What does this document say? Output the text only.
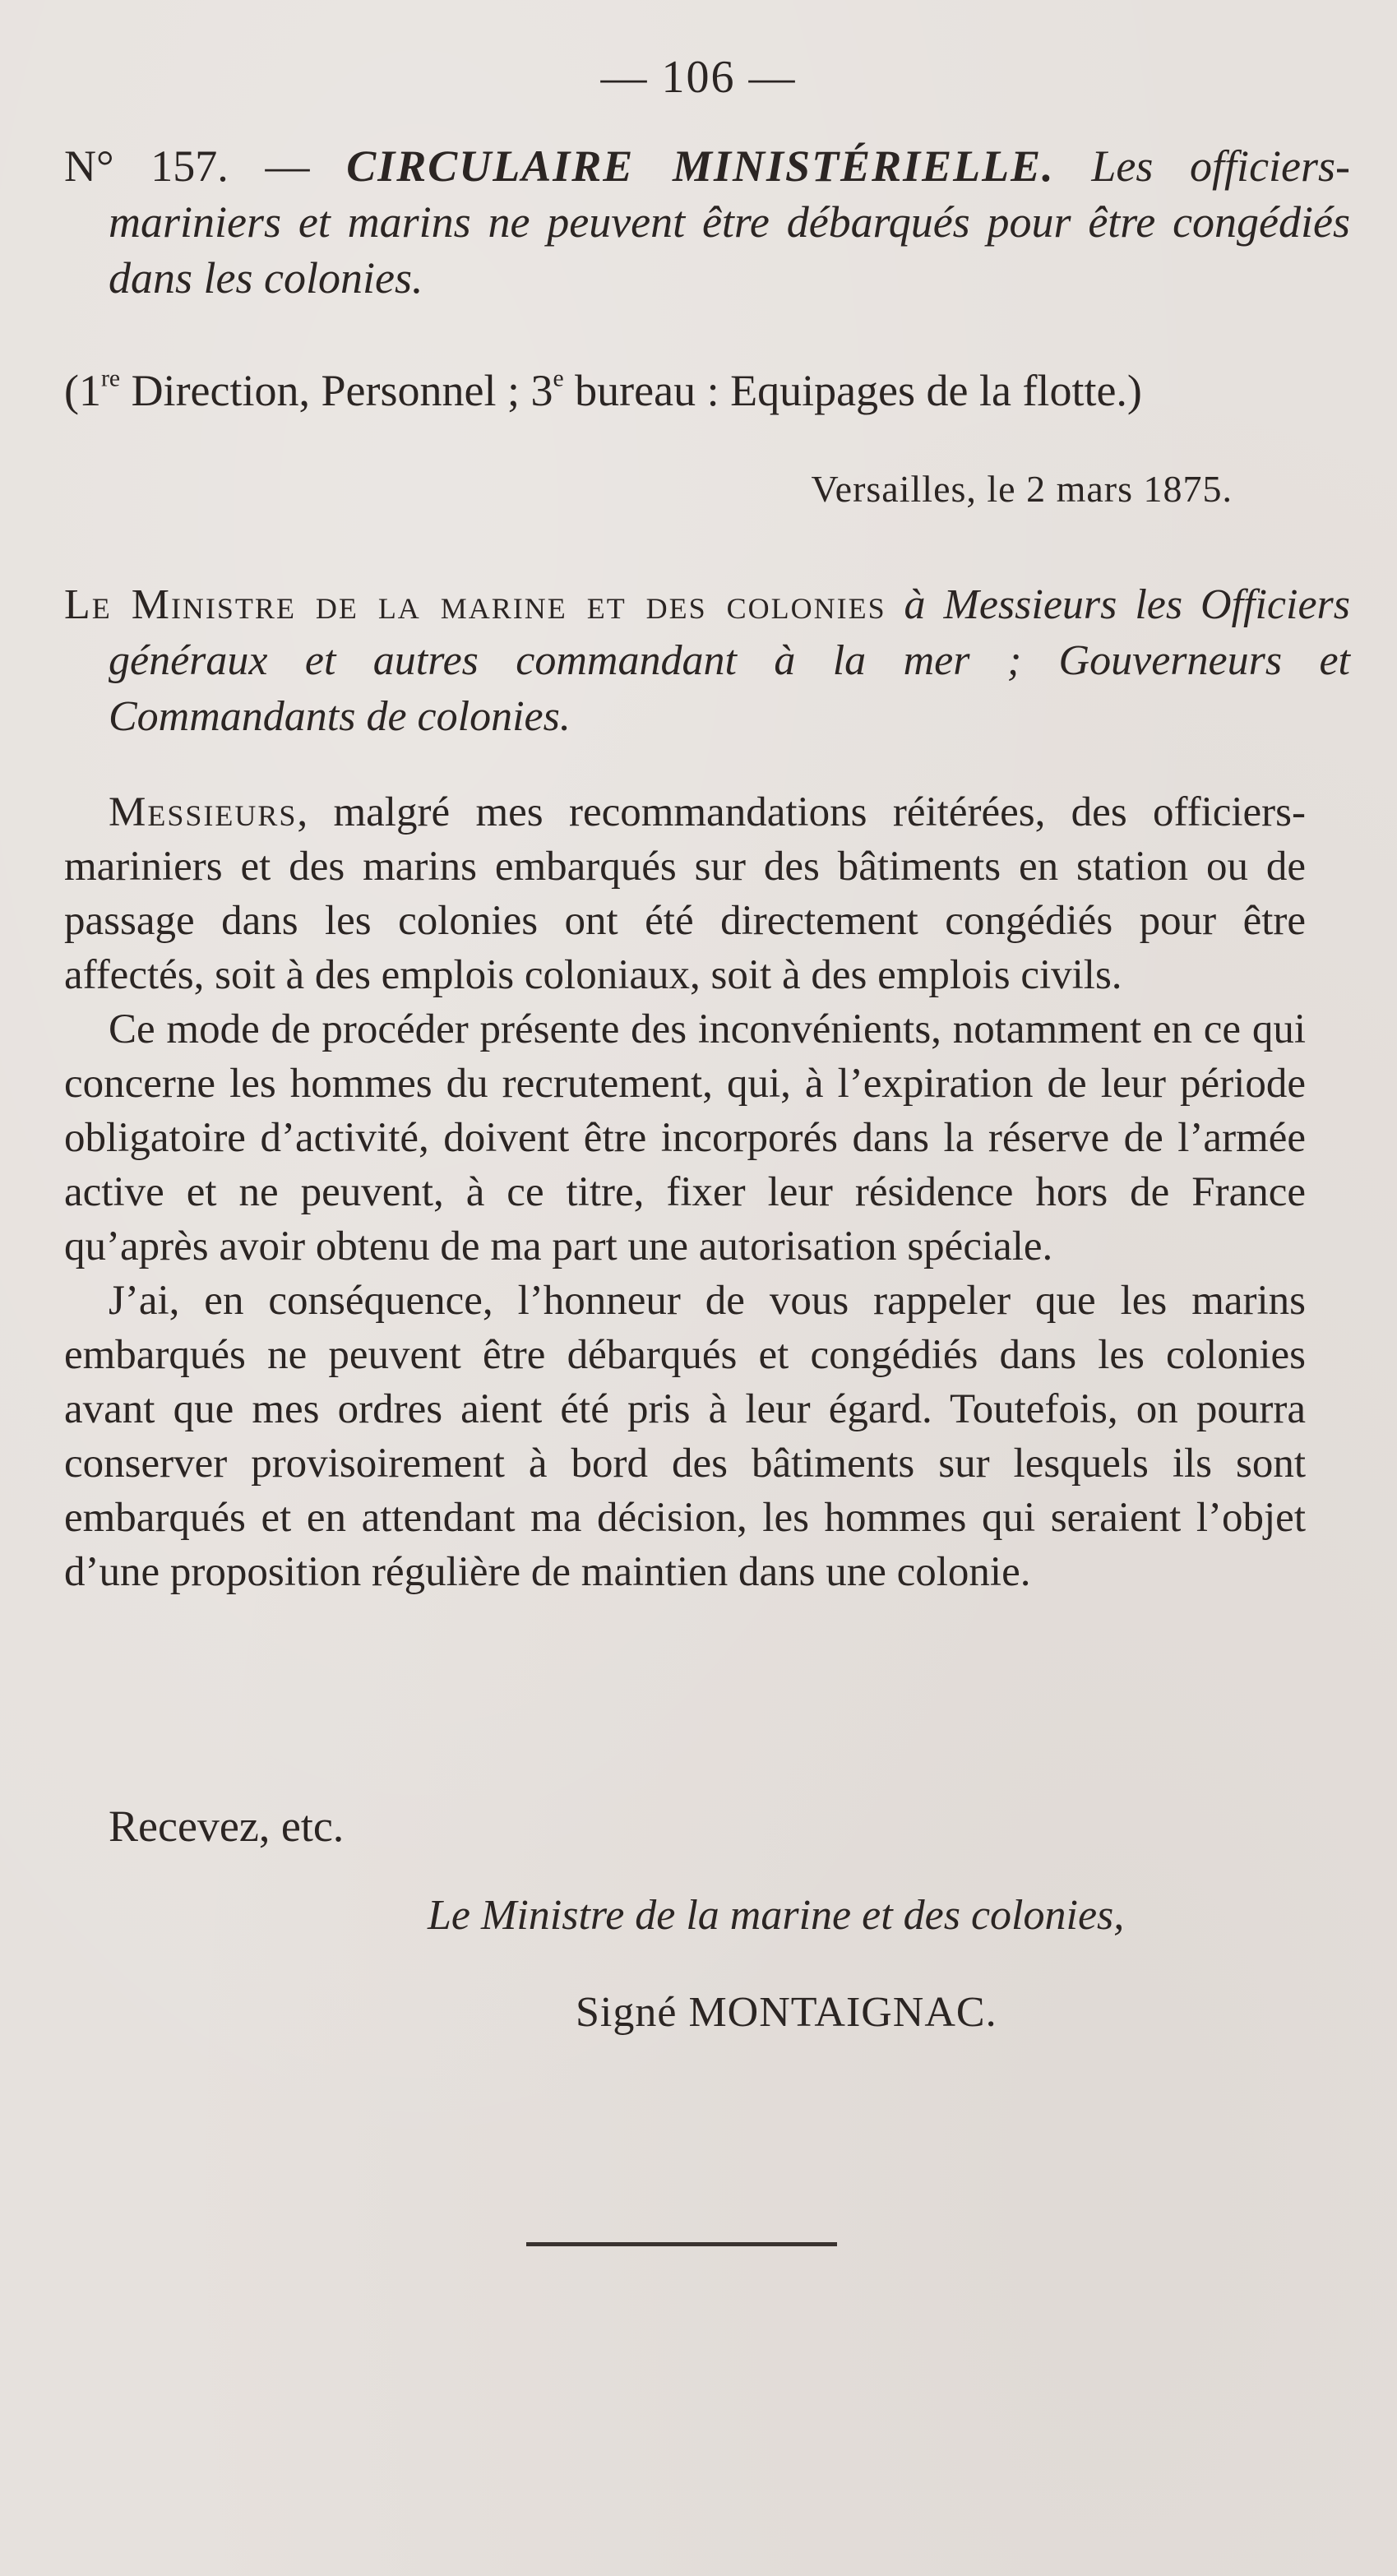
— 106 —
N° 157. — CIRCULAIRE MINISTÉRIELLE. Les officiers-mariniers et marins ne peuvent être débarqués pour être congédiés dans les colonies.
(1re Direction, Personnel ; 3e bureau : Equipages de la flotte.)
Versailles, le 2 mars 1875.
Le Ministre de la marine et des colonies à Messieurs les Officiers généraux et autres commandant à la mer ; Gouverneurs et Commandants de colonies.

Messieurs, malgré mes recommandations réitérées, des officiers-mariniers et des marins embarqués sur des bâtiments en station ou de passage dans les colonies ont été directement congédiés pour être affectés, soit à des emplois coloniaux, soit à des emplois civils.

Ce mode de procéder présente des inconvénients, notamment en ce qui concerne les hommes du recrutement, qui, à l’expiration de leur période obligatoire d’activité, doivent être incorporés dans la réserve de l’armée active et ne peuvent, à ce titre, fixer leur résidence hors de France qu’après avoir obtenu de ma part une autorisation spéciale.

J’ai, en conséquence, l’honneur de vous rappeler que les marins embarqués ne peuvent être débarqués et congédiés dans les colonies avant que mes ordres aient été pris à leur égard. Toutefois, on pourra conserver provisoirement à bord des bâtiments sur lesquels ils sont embarqués et en attendant ma décision, les hommes qui seraient l’objet d’une proposition régulière de maintien dans une colonie.

Recevez, etc.
Le Ministre de la marine et des colonies,
Signé MONTAIGNAC.
